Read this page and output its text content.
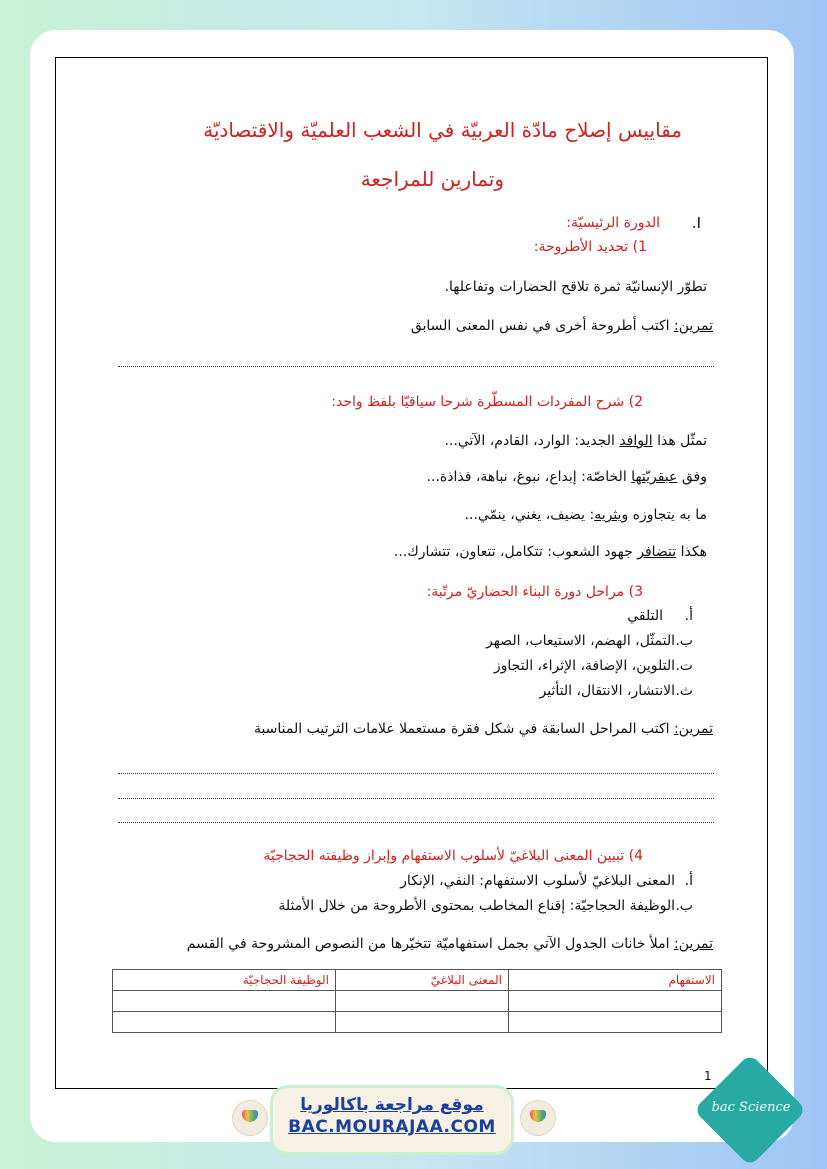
مقاييس إصلاح مادّة العربيّة في الشعب العلميّة والاقتصاديّة
وتمارين للمراجعة
I.
الدورة الرئيسيّة:
1) تحديد الأطروحة:
تطوّر الإنسانيّة ثمرة تلاقح الحضارات وتفاعلها.
تمرين: اكتب أطروحة أخرى في نفس المعنى السابق
2) شرح المفردات المسطّرة شرحا سياقيّا بلفظ واحد:
تمثّل هذا الوافد الجديد: الوارد، القادم، الآتي...
وفق عبقريّتها الخاصّة: إبداع، نبوغ، نباهة، فذاذة...
ما به يتجاوزه ويثريه: يضيف، يغني، ينمّي...
هكذا تتضافر جهود الشعوب: تتكامل، تتعاون، تتشارك...
3) مراحل دورة البناء الحضاريّ مرتّبة:
أ.
التلقي
ب.
التمثّل، الهضم، الاستيعاب، الصهر
ت.
التلوين، الإضافة، الإثراء، التجاوز
ث.
الانتشار، الانتقال، التأثير
تمرين: اكتب المراحل السابقة في شكل فقرة مستعملا علامات الترتيب المناسبة
4) تبيين المعنى البلاغيّ لأسلوب الاستفهام وإبراز وظيفته الحجاجيّة
أ.
المعنى البلاغيّ لأسلوب الاستفهام: النفي، الإنكار
ب.
الوظيفة الحجاجيّة: إقناع المخاطب بمحتوى الأطروحة من خلال الأمثلة
تمرين: املأ خانات الجدول الآتي بجمل استفهاميّة تتخيّرها من النصوص المشروحة في القسم
الاستفهام	المعنى البلاغيّ	الوظيفة الحجاجيّة

1
موقع مراجعة باكالوريا
BAC.MOURAJAA.COM
bac Science
